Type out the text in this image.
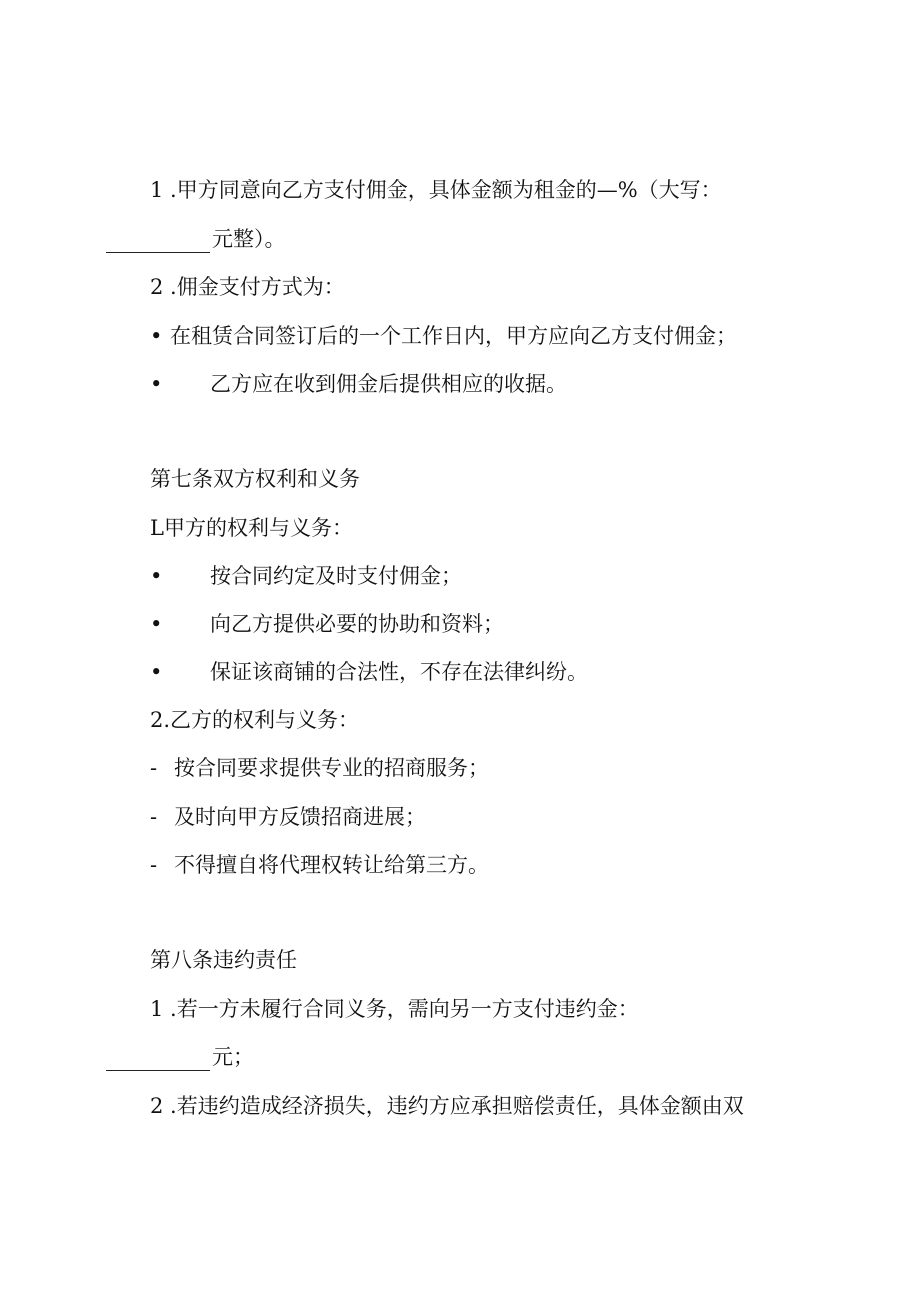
1 .甲方同意向乙方支付佣金，具体金额为租金的—%（大写：
元整）。
2 .佣金支付方式为：
• 在租赁合同签订后的一个工作日内，甲方应向乙方支付佣金；
• 乙方应在收到佣金后提供相应的收据。
第七条双方权利和义务
L甲方的权利与义务：
• 按合同约定及时支付佣金；
• 向乙方提供必要的协助和资料；
• 保证该商铺的合法性，不存在法律纠纷。
2.乙方的权利与义务：
- 按合同要求提供专业的招商服务；
- 及时向甲方反馈招商进展；
- 不得擅自将代理权转让给第三方。
第八条违约责任
1 .若一方未履行合同义务，需向另一方支付违约金：
元；
2 .若违约造成经济损失，违约方应承担赔偿责任，具体金额由双
